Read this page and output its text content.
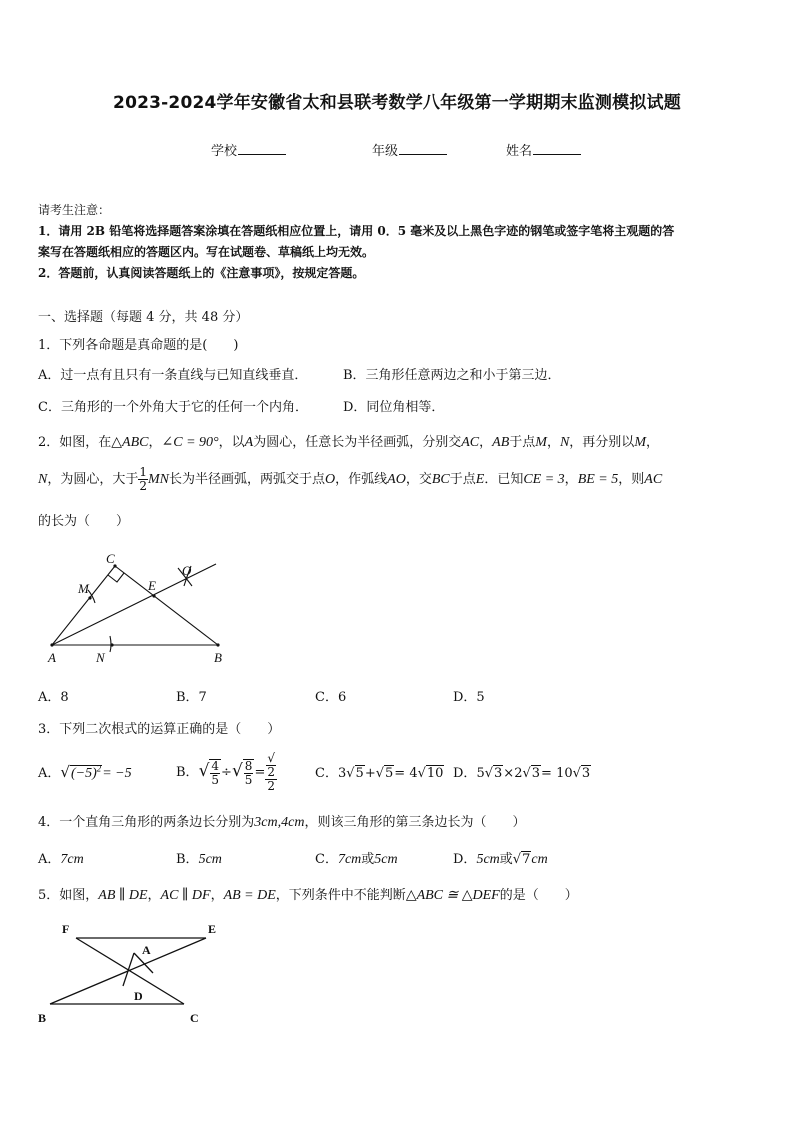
2023-2024学年安徽省太和县联考数学八年级第一学期期末监测模拟试题
学校	年级	姓名
请考生注意：
1．请用 2B 铅笔将选择题答案涂填在答题纸相应位置上，请用 0．5 毫米及以上黑色字迹的钢笔或签字笔将主观题的答
案写在答题纸相应的答题区内。写在试题卷、草稿纸上均无效。
2．答题前，认真阅读答题纸上的《注意事项》，按规定答题。
一、选择题（每题 4 分，共 48 分）
1．下列各命题是真命题的是(　　)
A．过一点有且只有一条直线与已知直线垂直．	B．三角形任意两边之和小于第三边．
C．三角形的一个外角大于它的任何一个内角．	D．同位角相等．
2．如图，在△ABC，∠C = 90°，以A为圆心，任意长为半径画弧，分别交AC，AB于点M，N，再分别以M，
N，为圆心，大于 $\frac{1}{2}$ MN长为半径画弧，两弧交于点O，作弧线AO，交BC于点E．已知CE = 3，BE = 5，则AC
的长为（　　）
C
M	E
O
A	N	B
A．8	B．7	C．6	D．5
3．下列二次根式的运算正确的是（　　）
A．$√(-5)^2= -5$	B．√ $\frac{4}{5}$ ÷√ $\frac{8}{5}$ = √
2
2	C．3√5+√5= 4√10 D．5√3×2√3= 10√3
4．一个直角三角形的两条边长分别为3cm,4cm，则该三角形的第三条边长为（　　）
A．7cm	B．5cm	C．7cm或5cm	D．5cm或√7cm
5．如图，AB ∥ DE，AC ∥ DF，AB = DE，下列条件中不能判断△ABC ≅ △DEF的是（　　）
F	E
A
D
B	C
